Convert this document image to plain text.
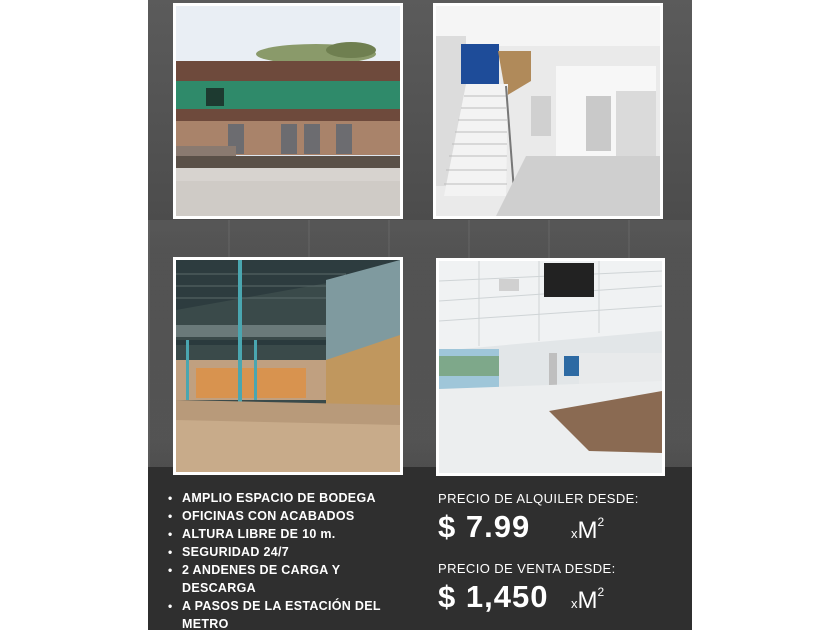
• AMPLIO ESPACIO DE BODEGA
• OFICINAS CON ACABADOS
• ALTURA LIBRE DE 10 m.
• SEGURIDAD 24/7
• 2 ANDENES DE CARGA Y DESCARGA
• A PASOS DE LA ESTACIÓN DEL METRO
PRECIO DE ALQUILER DESDE:
$ 7.99	$xM^2$
PRECIO DE VENTA DESDE:
$ 1,450 $xM^2$
